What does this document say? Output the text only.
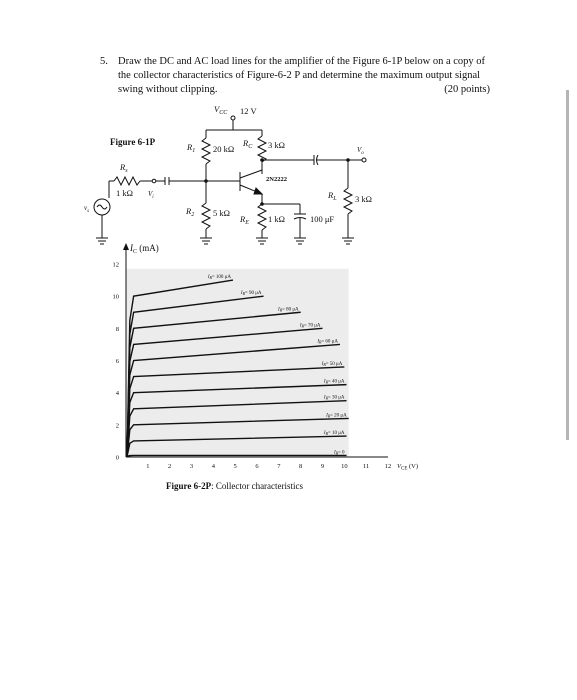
5. Draw the DC and AC load lines for the amplifier of the Figure 6-1P below on a copy of the collector characteristics of Figure-6-2 P and determine the maximum output signal swing without clipping.	(20 points)
Figure 6-1P
$V_{CC}$ 12 V
$R_1$ 20 kΩ
$R_C$ 3 kΩ
$R_s$
1 kΩ $V_i$
$v_s$
2N2222
$V_o$
$R_L$ 3 kΩ
$R_2$ 5 kΩ
$R_E$ 1 kΩ	100 μF
$I_C$ (mA)
$V_{CE}$ (V)
1	2	3	4	5	6	7	8	9	10 11 12
0
2
4
6
8
10
12
$I_B= 0$
$I_B= 10$ μA
$I_B= 20$ μA
$I_B= 30$ μA
$I_B= 40$ μA
$I_B= 50$ μA
$I_B= 60$ μA
$I_B= 70$ μA
$I_B= 80$ μA
$I_B= 90$ μA
$I_B= 100$ μA
Figure 6-2P: Collector characteristics
